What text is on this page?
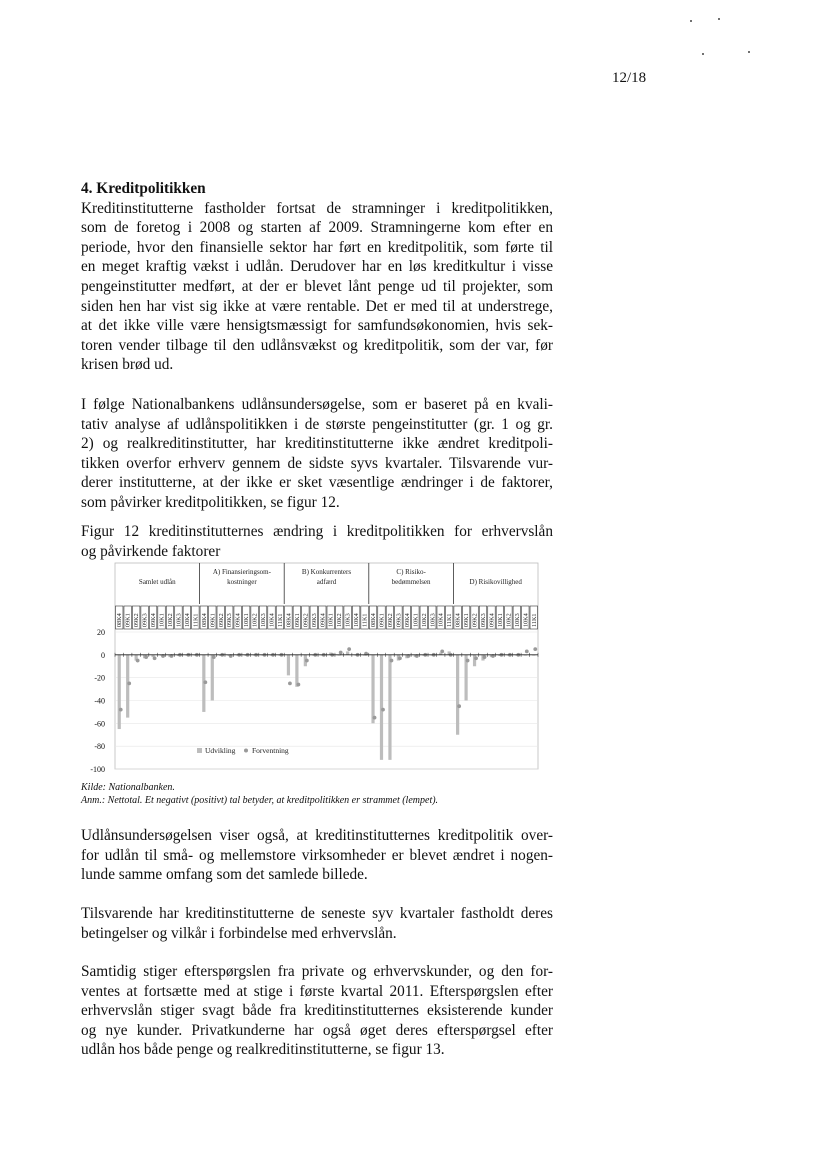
12/18

4. Kreditpolitikken

Kreditinstitutterne fastholder fortsat de stramninger i kreditpolitikken,
som de foretog i 2008 og starten af 2009. Stramningerne kom efter en
periode, hvor den finansielle sektor har ført en kreditpolitik, som førte til
en meget kraftig vækst i udlån. Derudover har en løs kreditkultur i visse
pengeinstitutter medført, at der er blevet lånt penge ud til projekter, som
siden hen har vist sig ikke at være rentable. Det er med til at understrege,
at det ikke ville være hensigtsmæssigt for samfundsøkonomien, hvis sek-
toren vender tilbage til den udlånsvækst og kreditpolitik, som der var, før
krisen brød ud.
I følge Nationalbankens udlånsundersøgelse, som er baseret på en kvali-
tativ analyse af udlånspolitikken i de største pengeinstitutter (gr. 1 og gr.
2) og realkreditinstitutter, har kreditinstitutterne ikke ændret kreditpoli-
tikken overfor erhverv gennem de sidste syvs kvartaler. Tilsvarende vur-
derer institutterne, at der ikke er sket væsentlige ændringer i de faktorer,
som påvirker kreditpolitikken, se figur 12.
Figur 12 kreditinstitutternes ændring i kreditpolitikken for erhvervslån
og påvirkende faktorer
20
0
-20
-40
-60
-80
-100
Samlet udlån
08K4 09K1 09K2 09K3 09K4 10K1 10K2 10K3 10K4 11K1
A) Finansieringsom-
kostninger
08K4 09K1 09K2 09K3 09K4 10K1 10K2 10K3 10K4 11K1
B) Konkurrenters
adfærd
08K4 09K1 09K2 09K3 09K4 10K1 10K2 10K3 10K4 11K1
C) Risiko-
bedømmelsen
08K4 09K1 09K2 09K3 09K4 10K1 10K2 10K3 10K4 11K1
D) Risikovillighed
08K4 09K1 09K2 09K3 09K4 10K1 10K2 10K3 10K4 11K1
Udvikling Forventning
Kilde: Nationalbanken.
Anm.: Nettotal. Et negativt (positivt) tal betyder, at kreditpolitikken er strammet (lempet).
Udlånsundersøgelsen viser også, at kreditinstitutternes kreditpolitik over-
for udlån til små- og mellemstore virksomheder er blevet ændret i nogen-
lunde samme omfang som det samlede billede.
Tilsvarende har kreditinstitutterne de seneste syv kvartaler fastholdt deres
betingelser og vilkår i forbindelse med erhvervslån.
Samtidig stiger efterspørgslen fra private og erhvervskunder, og den for-
ventes at fortsætte med at stige i første kvartal 2011. Efterspørgslen efter
erhvervslån stiger svagt både fra kreditinstitutternes eksisterende kunder
og nye kunder. Privatkunderne har også øget deres efterspørgsel efter
udlån hos både penge og realkreditinstitutterne, se figur 13.
